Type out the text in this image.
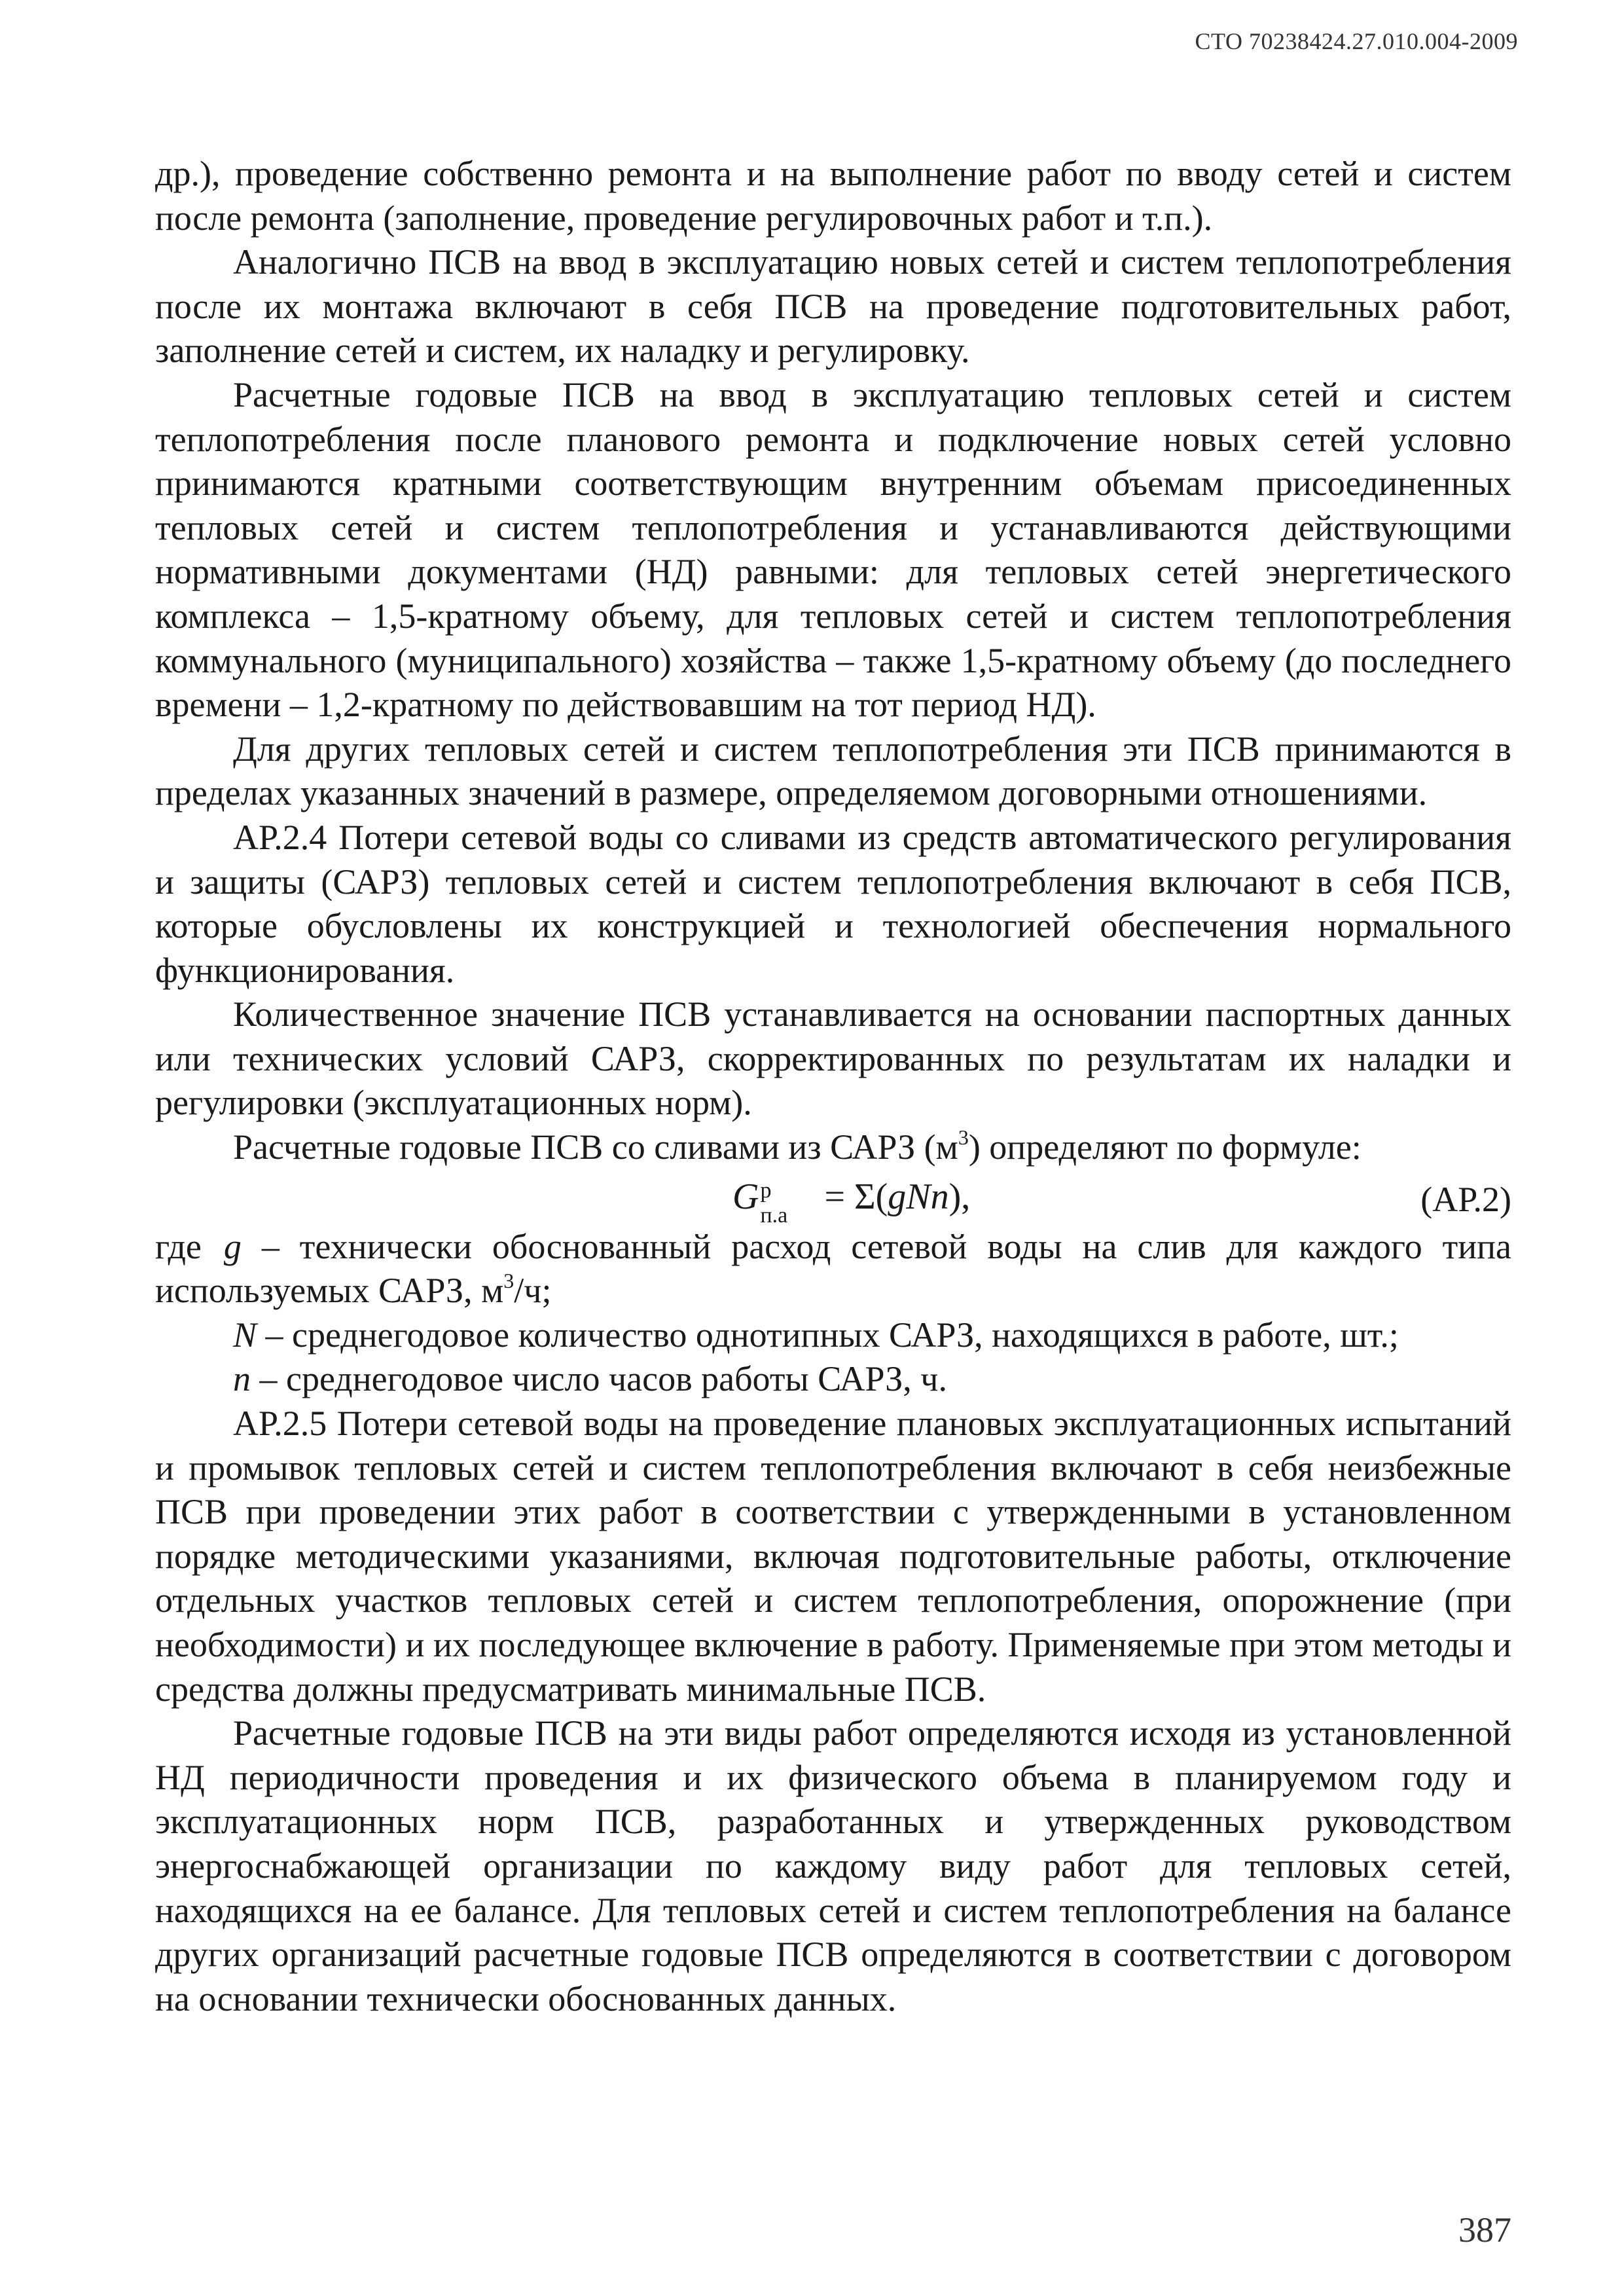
СТО 70238424.27.010.004-2009

др.), проведение собственно ремонта и на выполнение работ по вводу сетей и систем после ремонта (заполнение, проведение регулировочных работ и т.п.).

Аналогично ПСВ на ввод в эксплуатацию новых сетей и систем теплопотребления после их монтажа включают в себя ПСВ на проведение подготовительных работ, заполнение сетей и систем, их наладку и регулировку.

Расчетные годовые ПСВ на ввод в эксплуатацию тепловых сетей и систем теплопотребления после планового ремонта и подключение новых сетей условно принимаются кратными соответствующим внутренним объемам присоединенных тепловых сетей и систем теплопотребления и устанавливаются действующими нормативными документами (НД) равными: для тепловых сетей энергетического комплекса – 1,5-кратному объему, для тепловых сетей и систем теплопотребления коммунального (муниципального) хозяйства – также 1,5-кратному объему (до последнего времени – 1,2-кратному по действовавшим на тот период НД).

Для других тепловых сетей и систем теплопотребления эти ПСВ принимаются в пределах указанных значений в размере, определяемом договорными отношениями.

АР.2.4 Потери сетевой воды со сливами из средств автоматического регулирования и защиты (САРЗ) тепловых сетей и систем теплопотребления включают в себя ПСВ, которые обусловлены их конструкцией и технологией обеспечения нормального функционирования.

Количественное значение ПСВ устанавливается на основании паспортных данных или технических условий САРЗ, скорректированных по результатам их наладки и регулировки (эксплуатационных норм).

Расчетные годовые ПСВ со сливами из САРЗ $(м^3)$ определяют по формуле:

G р
п.а = Σ(gNn),	(АР.2)

где g – технически обоснованный расход сетевой воды на слив для каждого типа используемых САРЗ, $м^3/ч$;

N – среднегодовое количество однотипных САРЗ, находящихся в работе, шт.;

n – среднегодовое число часов работы САРЗ, ч.

АР.2.5 Потери сетевой воды на проведение плановых эксплуатационных испытаний и промывок тепловых сетей и систем теплопотребления включают в себя неизбежные ПСВ при проведении этих работ в соответствии с утвержденными в установленном порядке методическими указаниями, включая подготовительные работы, отключение отдельных участков тепловых сетей и систем теплопотребления, опорожнение (при необходимости) и их последующее включение в работу. Применяемые при этом методы и средства должны предусматривать минимальные ПСВ.

Расчетные годовые ПСВ на эти виды работ определяются исходя из установленной НД периодичности проведения и их физического объема в планируемом году и эксплуатационных норм ПСВ, разработанных и утвержденных руководством энергоснабжающей организации по каждому виду работ для тепловых сетей, находящихся на ее балансе. Для тепловых сетей и систем теплопотребления на балансе других организаций расчетные годовые ПСВ определяются в соответствии с договором на основании технически обоснованных данных.

387
